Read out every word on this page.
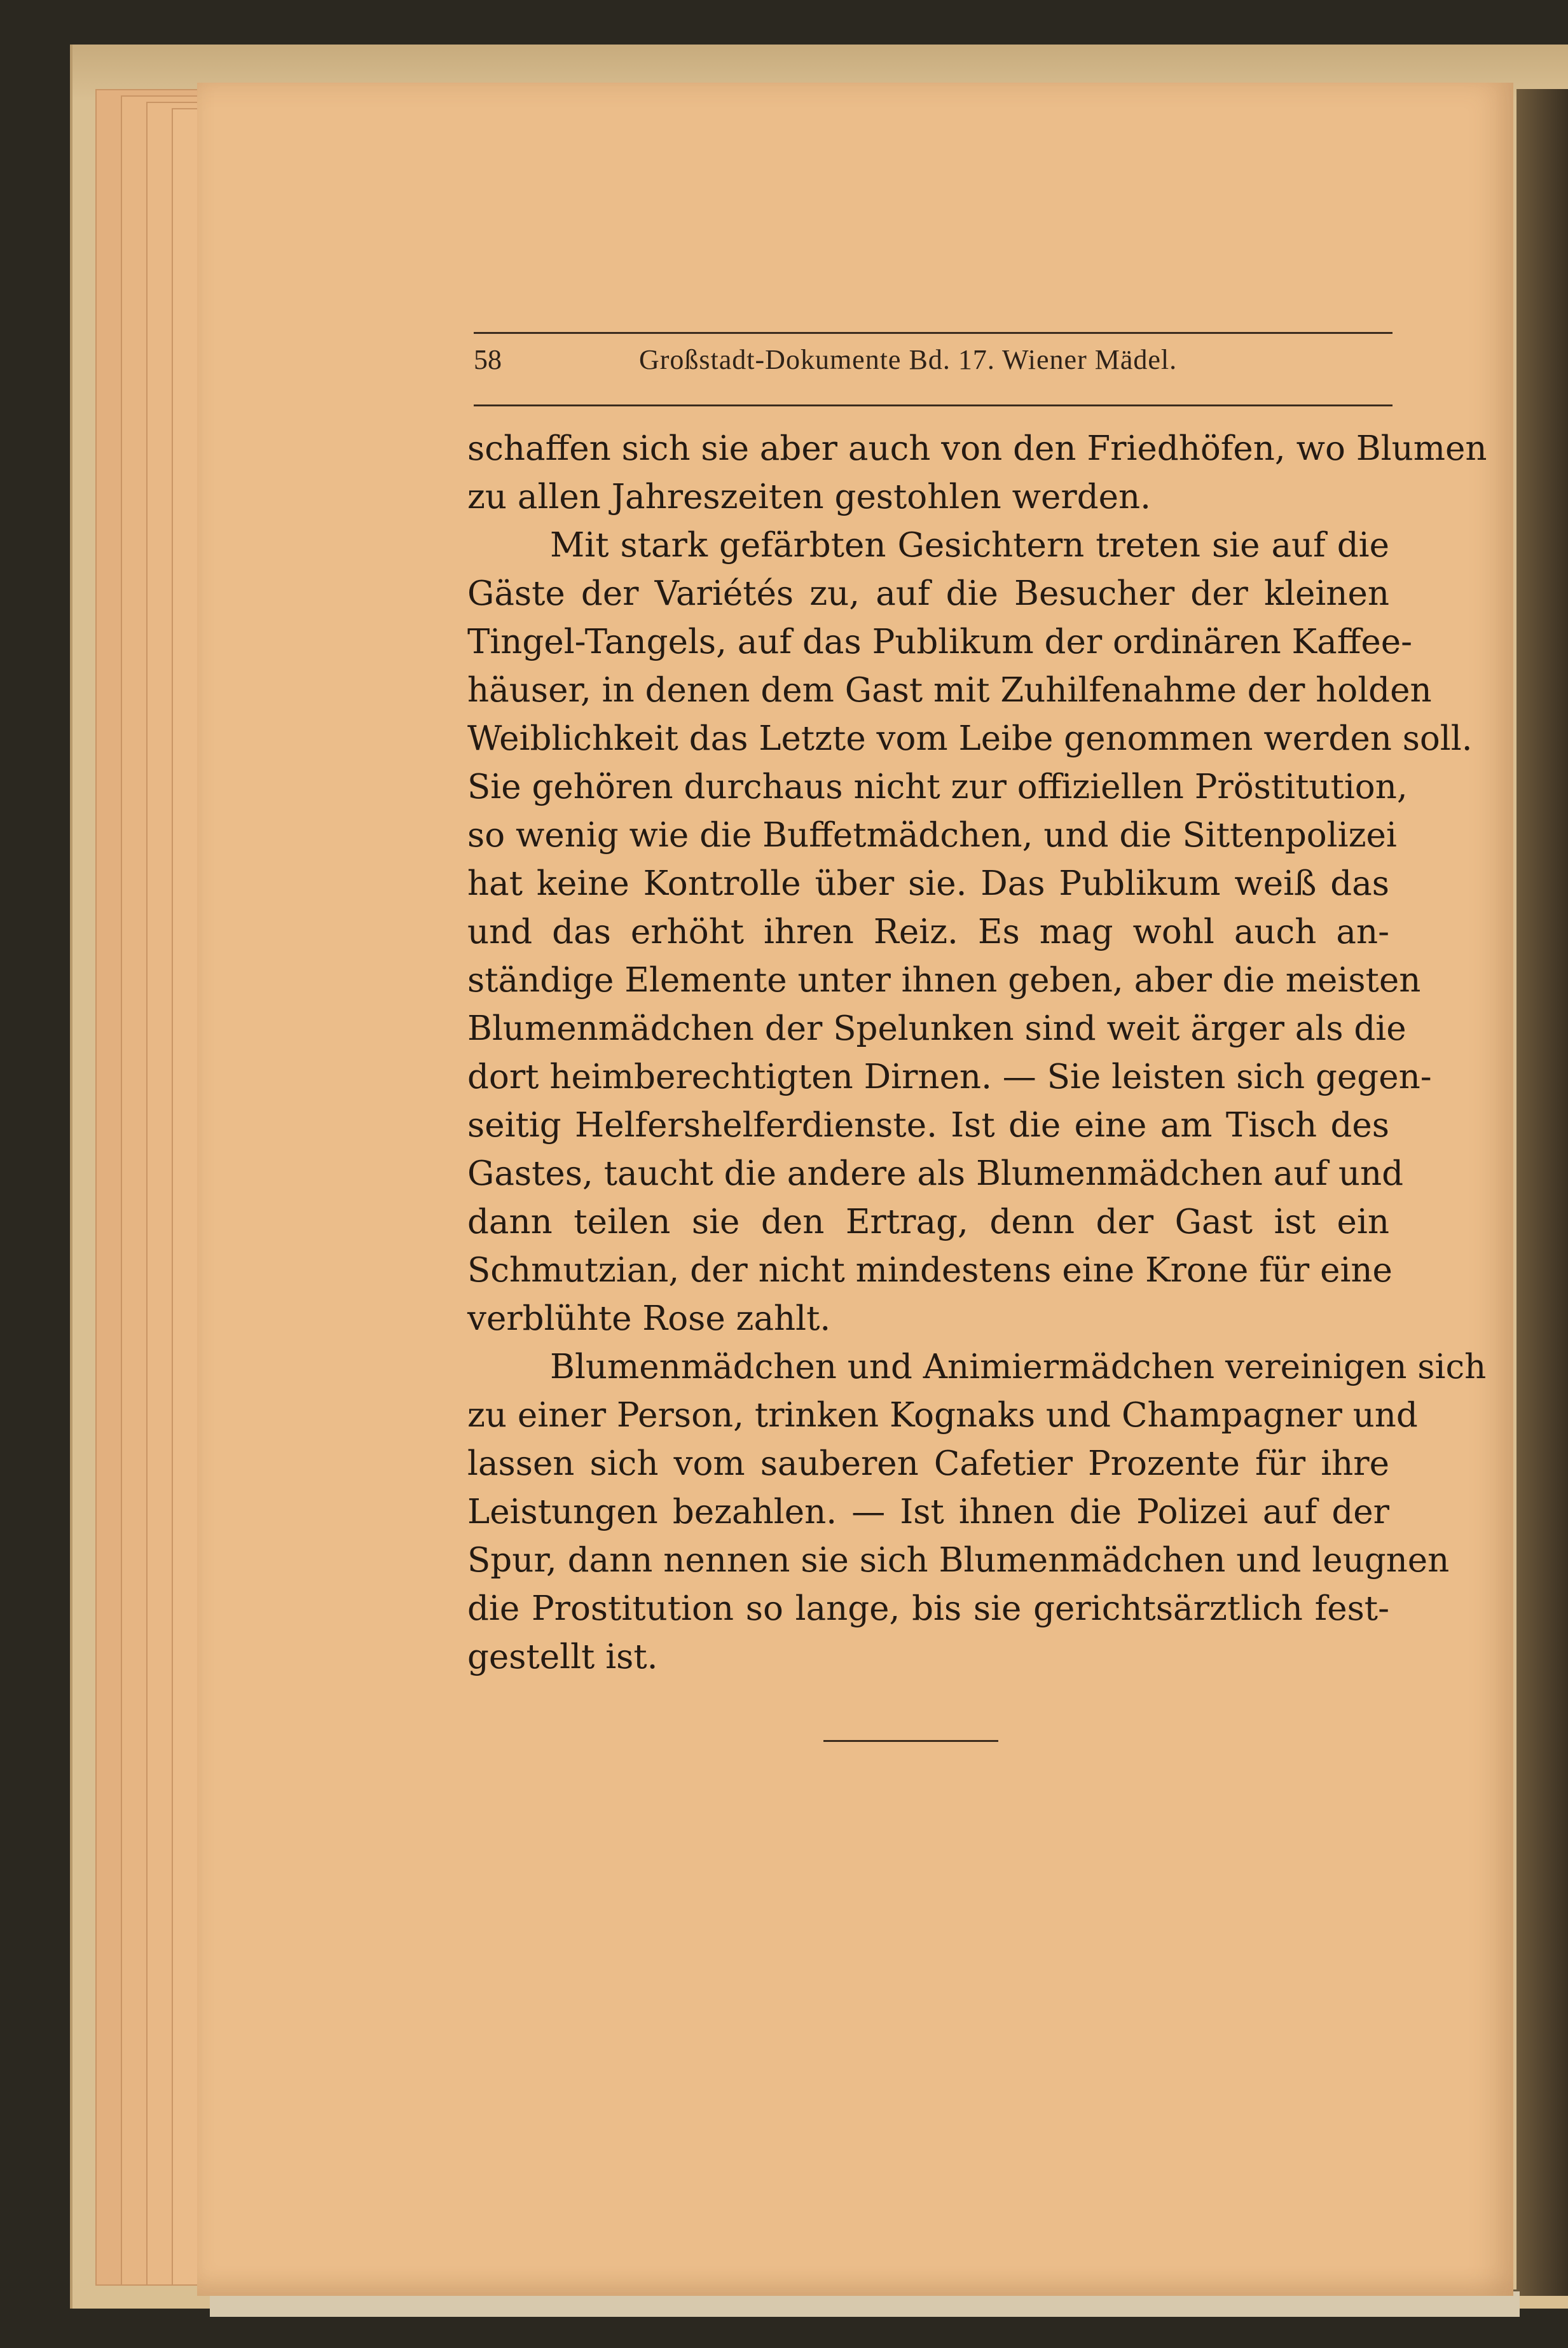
58	Großstadt-Dokumente Bd. 17. Wiener Mädel.
schaffen sich sie aber auch von den Friedhöfen, wo Blumen
zu allen Jahreszeiten gestohlen werden.
Mit stark gefärbten Gesichtern treten sie auf die
Gäste der Variétés zu, auf die Besucher der kleinen
Tingel-Tangels, auf das Publikum der ordinären Kaffee-
häuser, in denen dem Gast mit Zuhilfenahme der holden
Weiblichkeit das Letzte vom Leibe genommen werden soll.
Sie gehören durchaus nicht zur offiziellen Pröstitution,
so wenig wie die Buffetmädchen, und die Sittenpolizei
hat keine Kontrolle über sie. Das Publikum weiß das
und das erhöht ihren Reiz. Es mag wohl auch an-
ständige Elemente unter ihnen geben, aber die meisten
Blumenmädchen der Spelunken sind weit ärger als die
dort heimberechtigten Dirnen. — Sie leisten sich gegen-
seitig Helfershelferdienste. Ist die eine am Tisch des
Gastes, taucht die andere als Blumenmädchen auf und
dann teilen sie den Ertrag, denn der Gast ist ein
Schmutzian, der nicht mindestens eine Krone für eine
verblühte Rose zahlt.
Blumenmädchen und Animiermädchen vereinigen sich
zu einer Person, trinken Kognaks und Champagner und
lassen sich vom sauberen Cafetier Prozente für ihre
Leistungen bezahlen. — Ist ihnen die Polizei auf der
Spur, dann nennen sie sich Blumenmädchen und leugnen
die Prostitution so lange, bis sie gerichtsärztlich fest-
gestellt ist.
